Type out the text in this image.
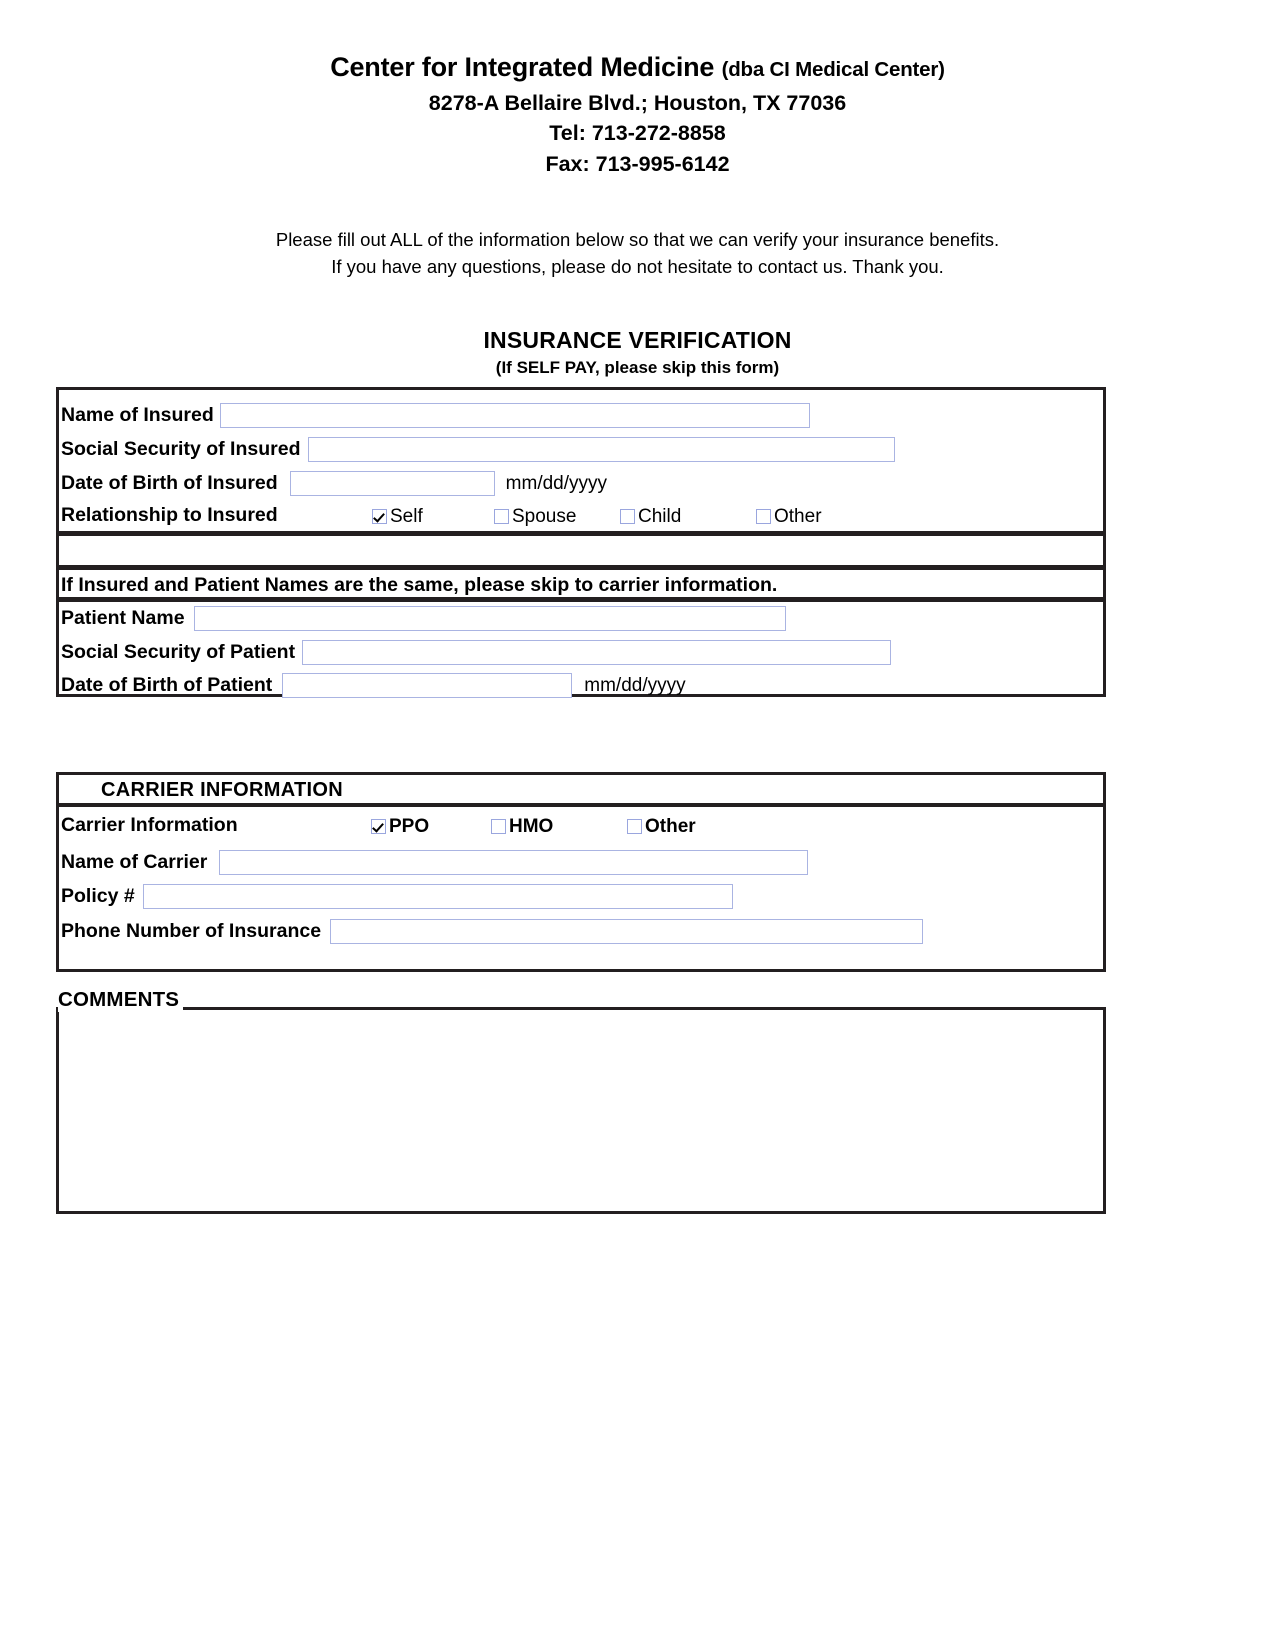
Center for Integrated Medicine (dba CI Medical Center)
8278-A Bellaire Blvd.; Houston, TX 77036
Tel: 713-272-8858
Fax: 713-995-6142
Please fill out ALL of the information below so that we can verify your insurance benefits.
If you have any questions, please do not hesitate to contact us. Thank you.
INSURANCE VERIFICATION
(If SELF PAY, please skip this form)
Name of Insured
Social Security of Insured
Date of Birth of Insured	mm/dd/yyyy
Relationship to Insured	Self	Spouse	Child	Other
If Insured and Patient Names are the same, please skip to carrier information.
Patient Name
Social Security of Patient
Date of Birth of Patient	mm/dd/yyyy
CARRIER INFORMATION
Carrier Information	PPO	HMO	Other
Name of Carrier
Policy #
Phone Number of Insurance
COMMENTS
